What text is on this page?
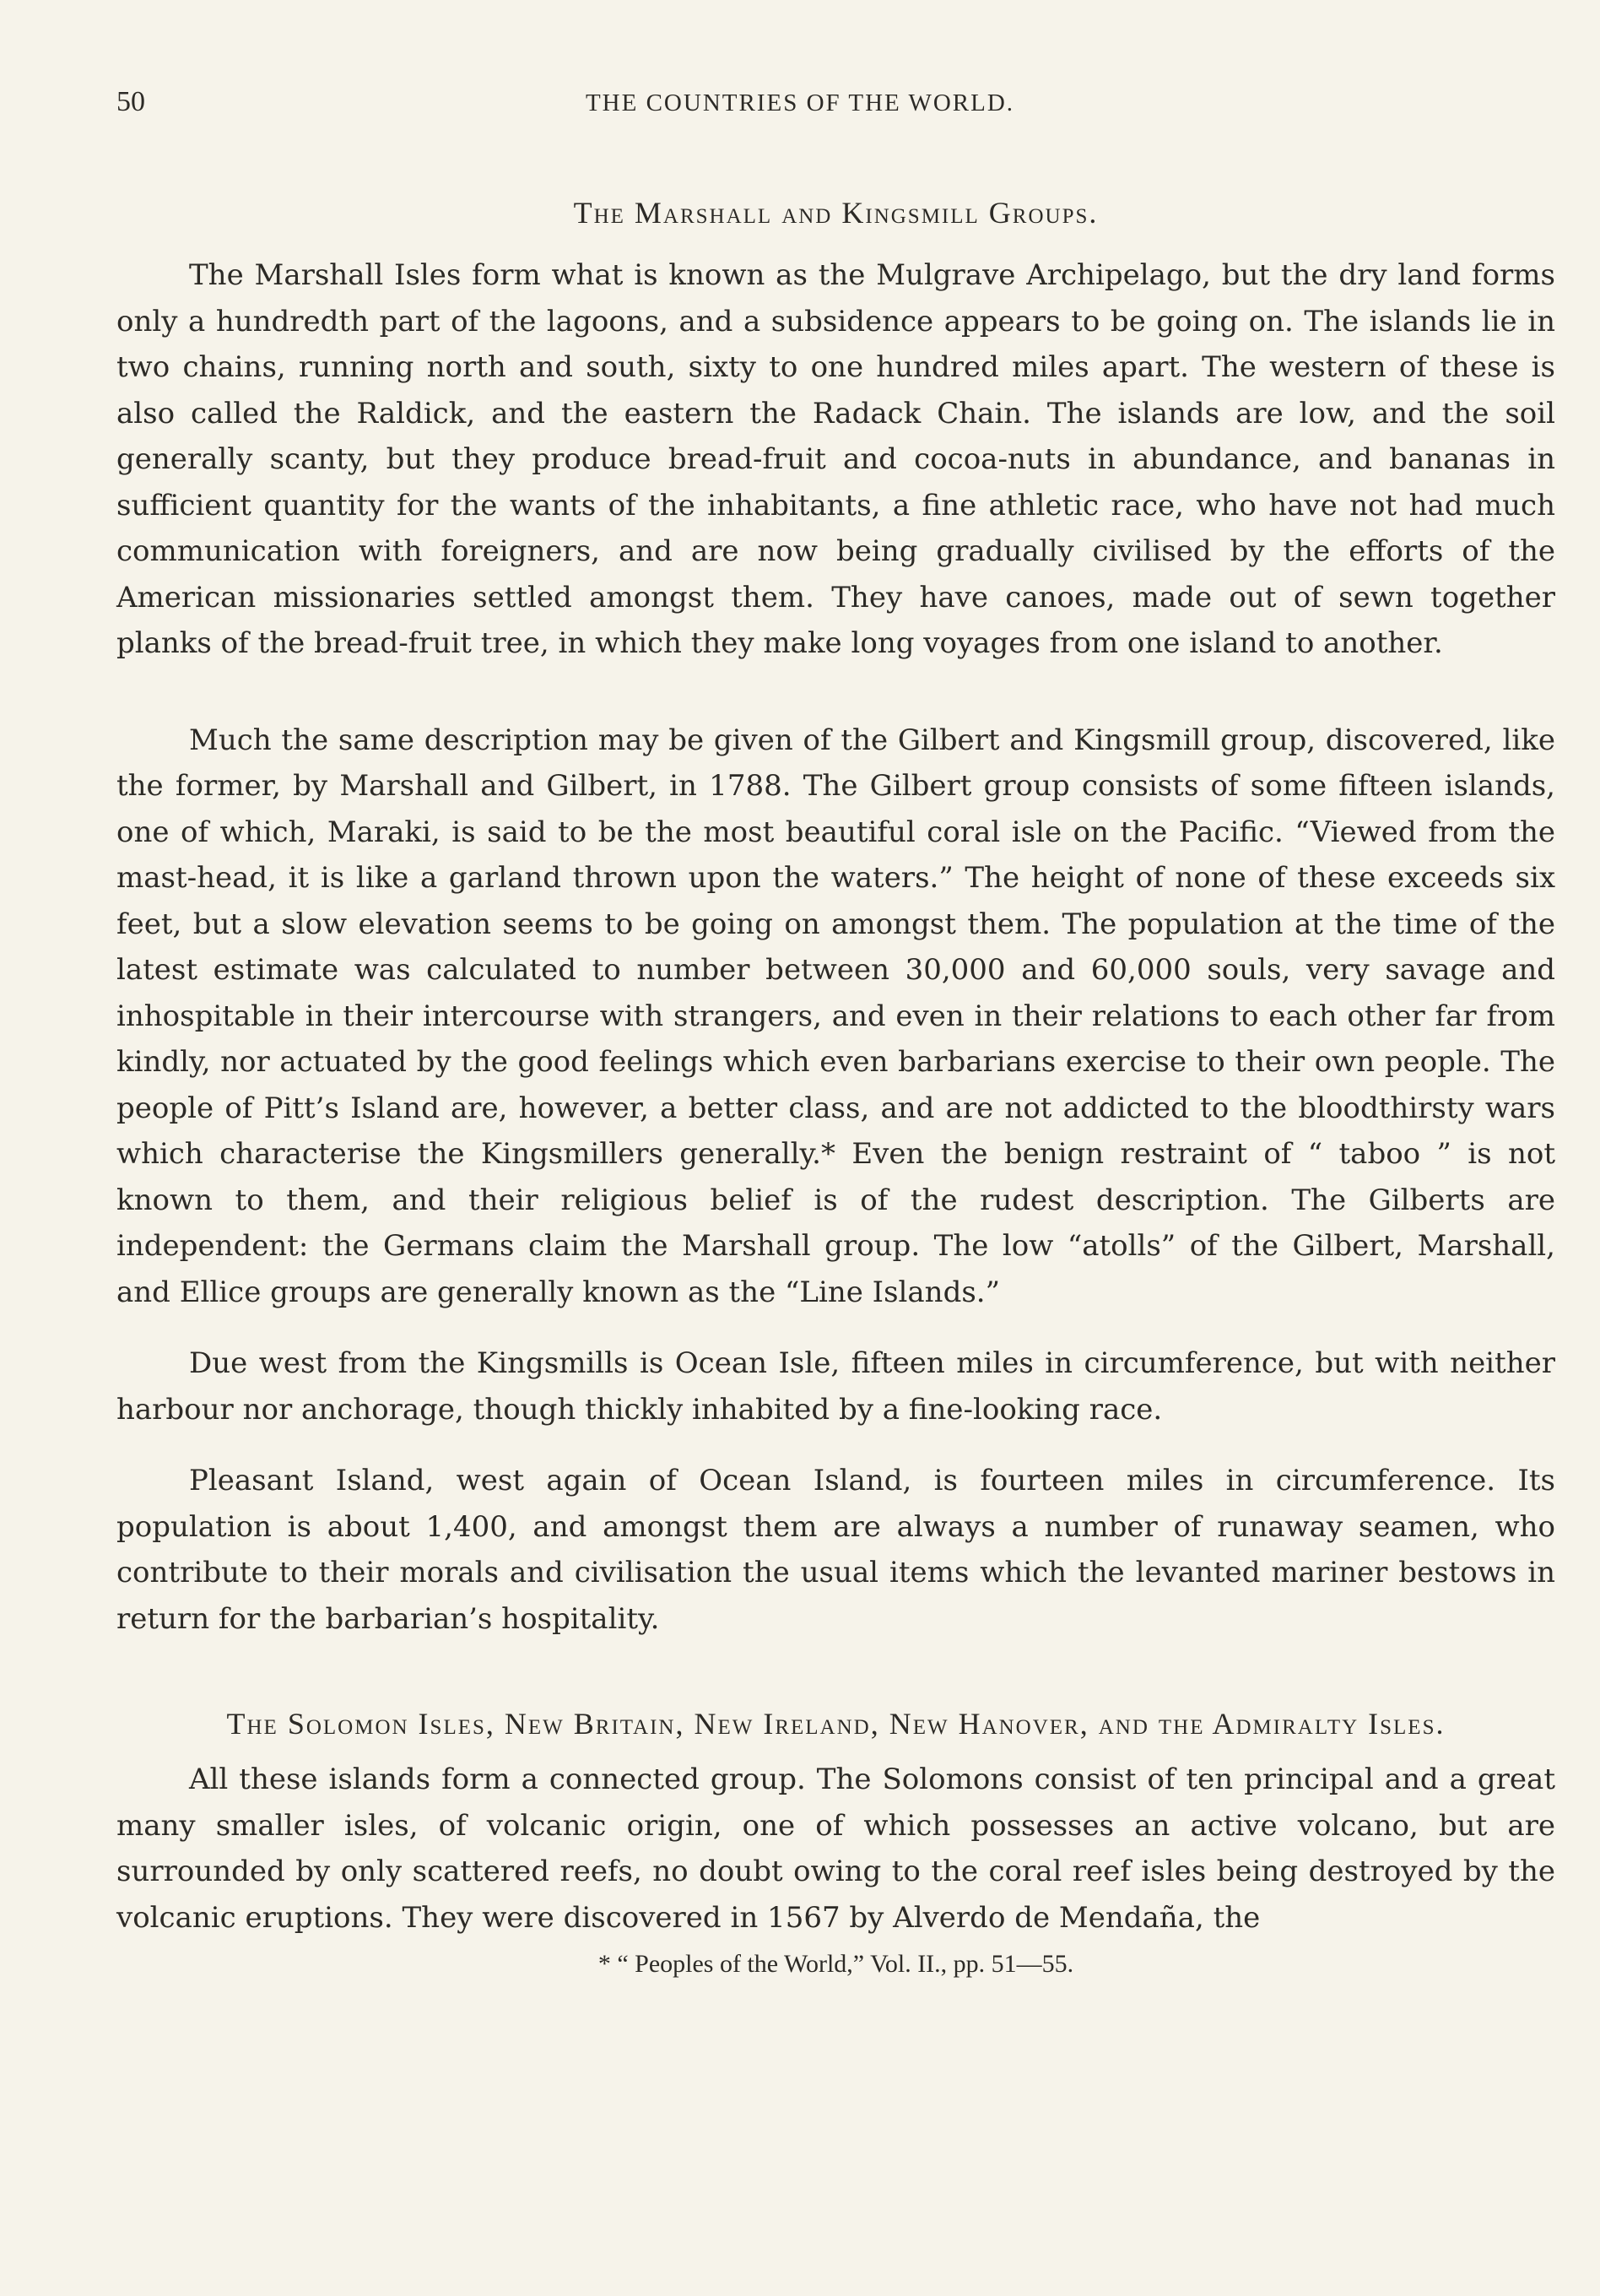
50	THE COUNTRIES OF THE WORLD.
The Marshall and Kingsmill Groups.

The Marshall Isles form what is known as the Mulgrave Archipelago, but the dry land forms only a hundredth part of the lagoons, and a subsidence appears to be going on. The islands lie in two chains, running north and south, sixty to one hundred miles apart. The western of these is also called the Raldick, and the eastern the Radack Chain. The islands are low, and the soil generally scanty, but they produce bread-fruit and cocoa-nuts in abundance, and bananas in sufficient quantity for the wants of the inhabitants, a fine athletic race, who have not had much communication with foreigners, and are now being gradually civilised by the efforts of the American missionaries settled amongst them. They have canoes, made out of sewn together planks of the bread-fruit tree, in which they make long voyages from one island to another.

Much the same description may be given of the Gilbert and Kingsmill group, discovered, like the former, by Marshall and Gilbert, in 1788. The Gilbert group consists of some fifteen islands, one of which, Maraki, is said to be the most beautiful coral isle on the Pacific. “Viewed from the mast-head, it is like a garland thrown upon the waters.” The height of none of these exceeds six feet, but a slow elevation seems to be going on amongst them. The population at the time of the latest estimate was calculated to number between 30,000 and 60,000 souls, very savage and inhospitable in their intercourse with strangers, and even in their relations to each other far from kindly, nor actuated by the good feelings which even barbarians exercise to their own people. The people of Pitt’s Island are, however, a better class, and are not addicted to the bloodthirsty wars which characterise the Kingsmillers generally.* Even the benign restraint of “ taboo ” is not known to them, and their religious belief is of the rudest description. The Gilberts are independent: the Germans claim the Marshall group. The low “atolls” of the Gilbert, Marshall, and Ellice groups are generally known as the “Line Islands.”

Due west from the Kingsmills is Ocean Isle, fifteen miles in circumference, but with neither harbour nor anchorage, though thickly inhabited by a fine-looking race.

Pleasant Island, west again of Ocean Island, is fourteen miles in circumference. Its population is about 1,400, and amongst them are always a number of runaway seamen, who contribute to their morals and civilisation the usual items which the levanted mariner bestows in return for the barbarian’s hospitality.

The Solomon Isles, New Britain, New Ireland, New Hanover, and the Admiralty Isles.

All these islands form a connected group. The Solomons consist of ten principal and a great many smaller isles, of volcanic origin, one of which possesses an active volcano, but are surrounded by only scattered reefs, no doubt owing to the coral reef isles being destroyed by the volcanic eruptions. They were discovered in 1567 by Alverdo de Mendaña, the

* “ Peoples of the World,” Vol. II., pp. 51—55.
